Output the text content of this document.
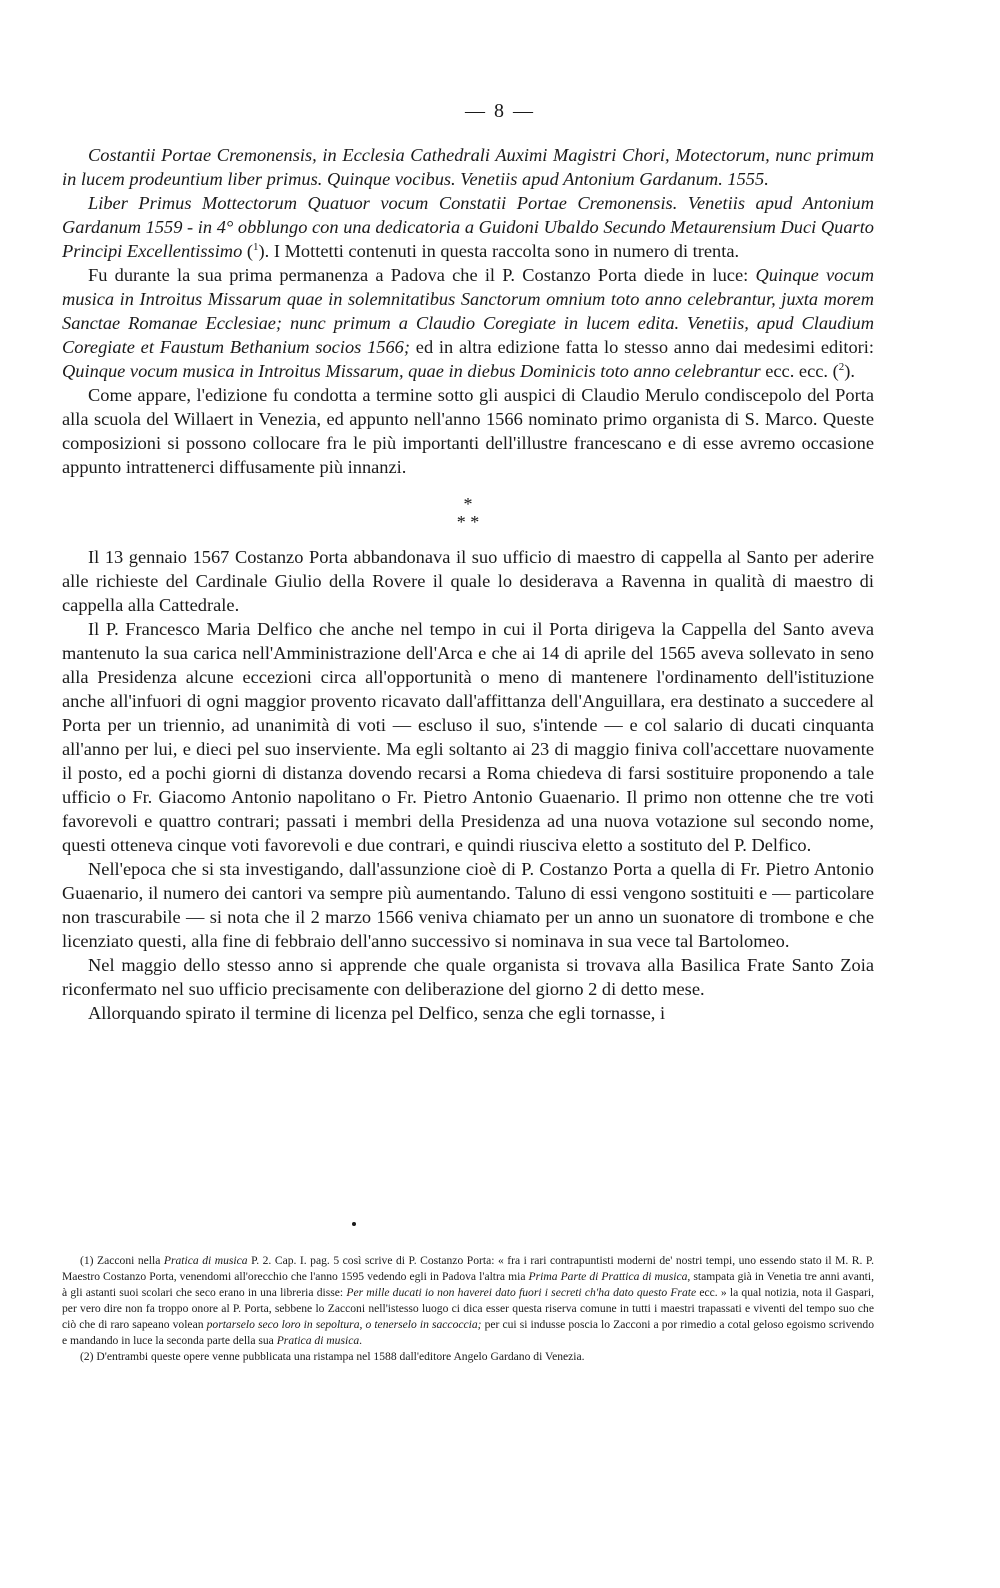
— 8 —

Costantii Portae Cremonensis, in Ecclesia Cathedrali Auximi Magistri Chori, Motectorum, nunc primum in lucem prodeuntium liber primus. Quinque vocibus. Venetiis apud Antonium Gardanum. 1555.

Liber Primus Mottectorum Quatuor vocum Constatii Portae Cremonensis. Venetiis apud Antonium Gardanum 1559 - in 4° obblungo con una dedicatoria a Guidoni Ubaldo Secundo Metaurensium Duci Quarto Principi Excellentissimo ($^1$). I Mottetti contenuti in questa raccolta sono in numero di trenta.

Fu durante la sua prima permanenza a Padova che il P. Costanzo Porta diede in luce: Quinque vocum musica in Introitus Missarum quae in solemnitatibus Sanctorum omnium toto anno celebrantur, juxta morem Sanctae Romanae Ecclesiae; nunc primum a Claudio Coregiate in lucem edita. Venetiis, apud Claudium Coregiate et Faustum Bethanium socios 1566; ed in altra edizione fatta lo stesso anno dai medesimi editori: Quinque vocum musica in Introitus Missarum, quae in diebus Dominicis toto anno celebrantur ecc. ecc. ($^2$).

Come appare, l'edizione fu condotta a termine sotto gli auspici di Claudio Merulo condiscepolo del Porta alla scuola del Willaert in Venezia, ed appunto nell'anno 1566 nominato primo organista di S. Marco. Queste composizioni si possono collocare fra le più importanti dell'illustre francescano e di esse avremo occasione appunto intrattenerci diffusamente più innanzi.

*
* *

Il 13 gennaio 1567 Costanzo Porta abbandonava il suo ufficio di maestro di cappella al Santo per aderire alle richieste del Cardinale Giulio della Rovere il quale lo desiderava a Ravenna in qualità di maestro di cappella alla Cattedrale.

Il P. Francesco Maria Delfico che anche nel tempo in cui il Porta dirigeva la Cappella del Santo aveva mantenuto la sua carica nell'Amministrazione dell'Arca e che ai 14 di aprile del 1565 aveva sollevato in seno alla Presidenza alcune eccezioni circa all'opportunità o meno di mantenere l'ordinamento dell'istituzione anche all'infuori di ogni maggior provento ricavato dall'affittanza dell'Anguillara, era destinato a succedere al Porta per un triennio, ad unanimità di voti — escluso il suo, s'intende — e col salario di ducati cinquanta all'anno per lui, e dieci pel suo inserviente. Ma egli soltanto ai 23 di maggio finiva coll'accettare nuovamente il posto, ed a pochi giorni di distanza dovendo recarsi a Roma chiedeva di farsi sostituire proponendo a tale ufficio o Fr. Giacomo Antonio napolitano o Fr. Pietro Antonio Guaenario. Il primo non ottenne che tre voti favorevoli e quattro contrari; passati i membri della Presidenza ad una nuova votazione sul secondo nome, questi otteneva cinque voti favorevoli e due contrari, e quindi riusciva eletto a sostituto del P. Delfico.

Nell'epoca che si sta investigando, dall'assunzione cioè di P. Costanzo Porta a quella di Fr. Pietro Antonio Guaenario, il numero dei cantori va sempre più aumentando. Taluno di essi vengono sostituiti e — particolare non trascurabile — si nota che il 2 marzo 1566 veniva chiamato per un anno un suonatore di trombone e che licenziato questi, alla fine di febbraio dell'anno successivo si nominava in sua vece tal Bartolomeo.

Nel maggio dello stesso anno si apprende che quale organista si trovava alla Basilica Frate Santo Zoia riconfermato nel suo ufficio precisamente con deliberazione del giorno 2 di detto mese.

Allorquando spirato il termine di licenza pel Delfico, senza che egli tornasse, i

(1) Zacconi nella Pratica di musica P. 2. Cap. I. pag. 5 così scrive di P. Costanzo Porta: « fra i rari contrapuntisti moderni de' nostri tempi, uno essendo stato il M. R. P. Maestro Costanzo Porta, venendomi all'orecchio che l'anno 1595 vedendo egli in Padova l'altra mia Prima Parte di Prattica di musica, stampata già in Venetia tre anni avanti, à gli astanti suoi scolari che seco erano in una libreria disse: Per mille ducati io non haverei dato fuori i secreti ch'ha dato questo Frate ecc. » la qual notizia, nota il Gaspari, per vero dire non fa troppo onore al P. Porta, sebbene lo Zacconi nell'istesso luogo ci dica esser questa riserva comune in tutti i maestri trapassati e viventi del tempo suo che ciò che di raro sapeano volean portarselo seco loro in sepoltura, o tenerselo in saccoccia; per cui si indusse poscia lo Zacconi a por rimedio a cotal geloso egoismo scrivendo e mandando in luce la seconda parte della sua Pratica di musica.

(2) D'entrambi queste opere venne pubblicata una ristampa nel 1588 dall'editore Angelo Gardano di Venezia.
